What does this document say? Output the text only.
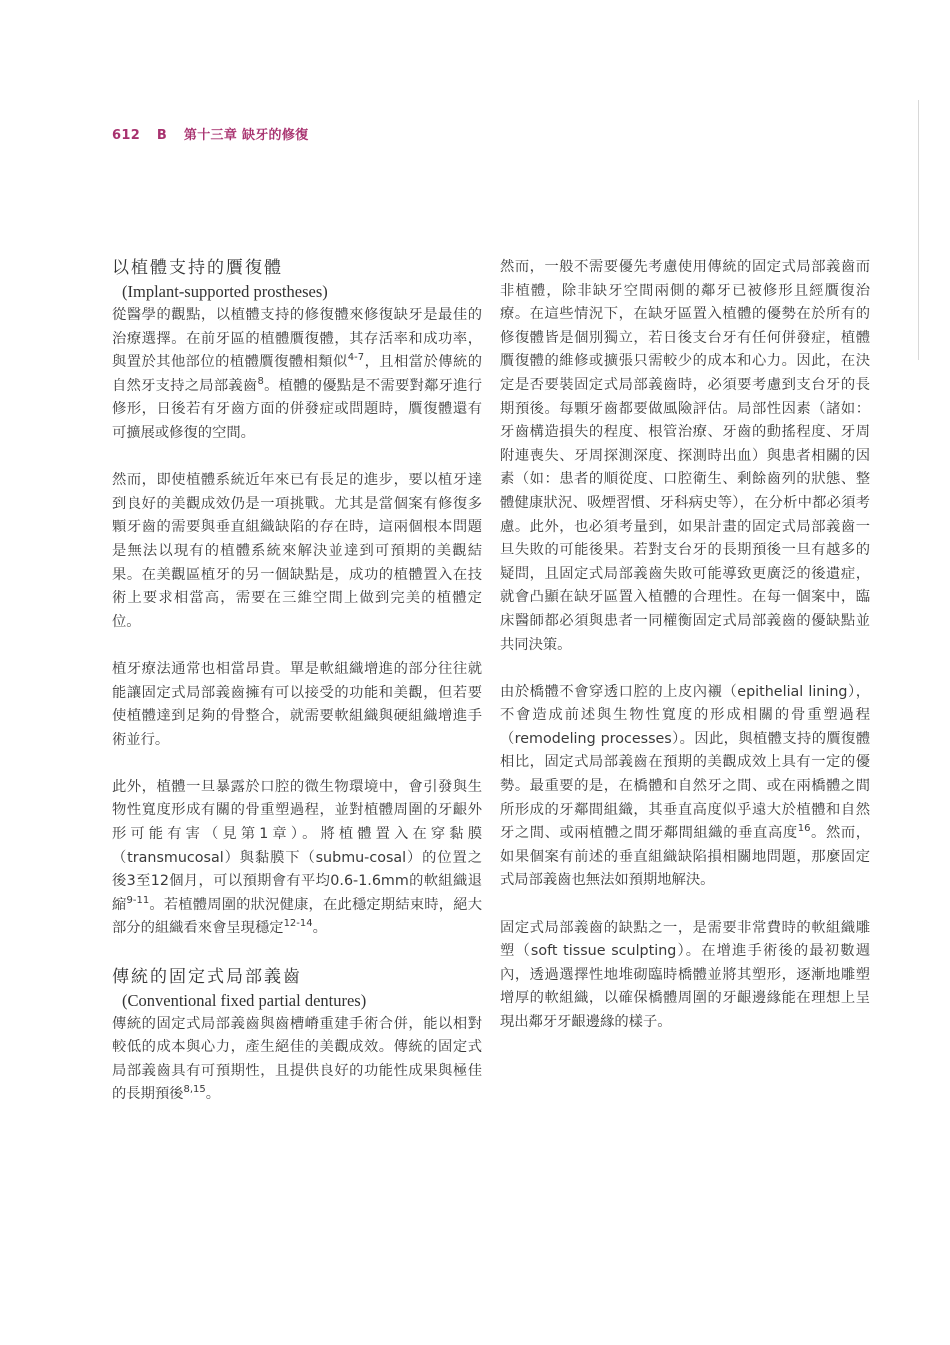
612 B 第十三章 缺牙的修復
以植體支持的贋復體
(Implant-supported prostheses)

從醫學的觀點，以植體支持的修復體來修復缺牙是最佳的治療選擇。在前牙區的植體贋復體，其存活率和成功率，與置於其他部位的植體贋復體相類似$^{4-7}$，且相當於傳統的自然牙支持之局部義齒$^8$。植體的優點是不需要對鄰牙進行修形，日後若有牙齒方面的併發症或問題時，贋復體還有可擴展或修復的空間。

然而，即使植體系統近年來已有長足的進步，要以植牙達到良好的美觀成效仍是一項挑戰。尤其是當個案有修復多顆牙齒的需要與垂直組織缺陷的存在時，這兩個根本問題是無法以現有的植體系統來解決並達到可預期的美觀結果。在美觀區植牙的另一個缺點是，成功的植體置入在技術上要求相當高，需要在三維空間上做到完美的植體定位。

植牙療法通常也相當昂貴。單是軟組織增進的部分往往就能讓固定式局部義齒擁有可以接受的功能和美觀，但若要使植體達到足夠的骨整合，就需要軟組織與硬組織增進手術並行。

此外，植體一旦暴露於口腔的微生物環境中，會引發與生物性寬度形成有關的骨重塑過程，並對植體周圍的牙齦外形可能有害（見第1章）。將植體置入在穿黏膜（transmucosal）與黏膜下（submu-cosal）的位置之後3至12個月，可以預期會有平均0.6-1.6mm的軟組織退縮$^{9-11}$。若植體周圍的狀況健康，在此穩定期結束時，絕大部分的組織看來會呈現穩定$^{12-14}$。

傳統的固定式局部義齒
(Conventional fixed partial dentures)

傳統的固定式局部義齒與齒槽嵴重建手術合併，能以相對較低的成本與心力，產生絕佳的美觀成效。傳統的固定式局部義齒具有可預期性，且提供良好的功能性成果與極佳的長期預後$^{8,15}$。

然而，一般不需要優先考慮使用傳統的固定式局部義齒而非植體，除非缺牙空間兩側的鄰牙已被修形且經贋復治療。在這些情況下，在缺牙區置入植體的優勢在於所有的修復體皆是個別獨立，若日後支台牙有任何併發症，植體贋復體的維修或擴張只需較少的成本和心力。因此，在決定是否要裝固定式局部義齒時，必須要考慮到支台牙的長期預後。每顆牙齒都要做風險評估。局部性因素（諸如：牙齒構造損失的程度、根管治療、牙齒的動搖程度、牙周附連喪失、牙周探測深度、探測時出血）與患者相關的因素（如：患者的順從度、口腔衛生、剩餘齒列的狀態、整體健康狀況、吸煙習慣、牙科病史等），在分析中都必須考慮。此外，也必須考量到，如果計畫的固定式局部義齒一旦失敗的可能後果。若對支台牙的長期預後一旦有越多的疑問，且固定式局部義齒失敗可能導致更廣泛的後遺症，就會凸顯在缺牙區置入植體的合理性。在每一個案中，臨床醫師都必須與患者一同權衡固定式局部義齒的優缺點並共同決策。

由於橋體不會穿透口腔的上皮內襯（epithelial lining），不會造成前述與生物性寬度的形成相關的骨重塑過程（remodeling processes）。因此，與植體支持的贋復體相比，固定式局部義齒在預期的美觀成效上具有一定的優勢。最重要的是，在橋體和自然牙之間、或在兩橋體之間所形成的牙鄰間組織，其垂直高度似乎遠大於植體和自然牙之間、或兩植體之間牙鄰間組織的垂直高度$^{16}$。然而，如果個案有前述的垂直組織缺陷損相關地問題，那麼固定式局部義齒也無法如預期地解決。

固定式局部義齒的缺點之一，是需要非常費時的軟組織雕塑（soft tissue sculpting）。在增進手術後的最初數週內，透過選擇性地堆砌臨時橋體並將其塑形，逐漸地雕塑增厚的軟組織，以確保橋體周圍的牙齦邊緣能在理想上呈現出鄰牙牙齦邊緣的樣子。
